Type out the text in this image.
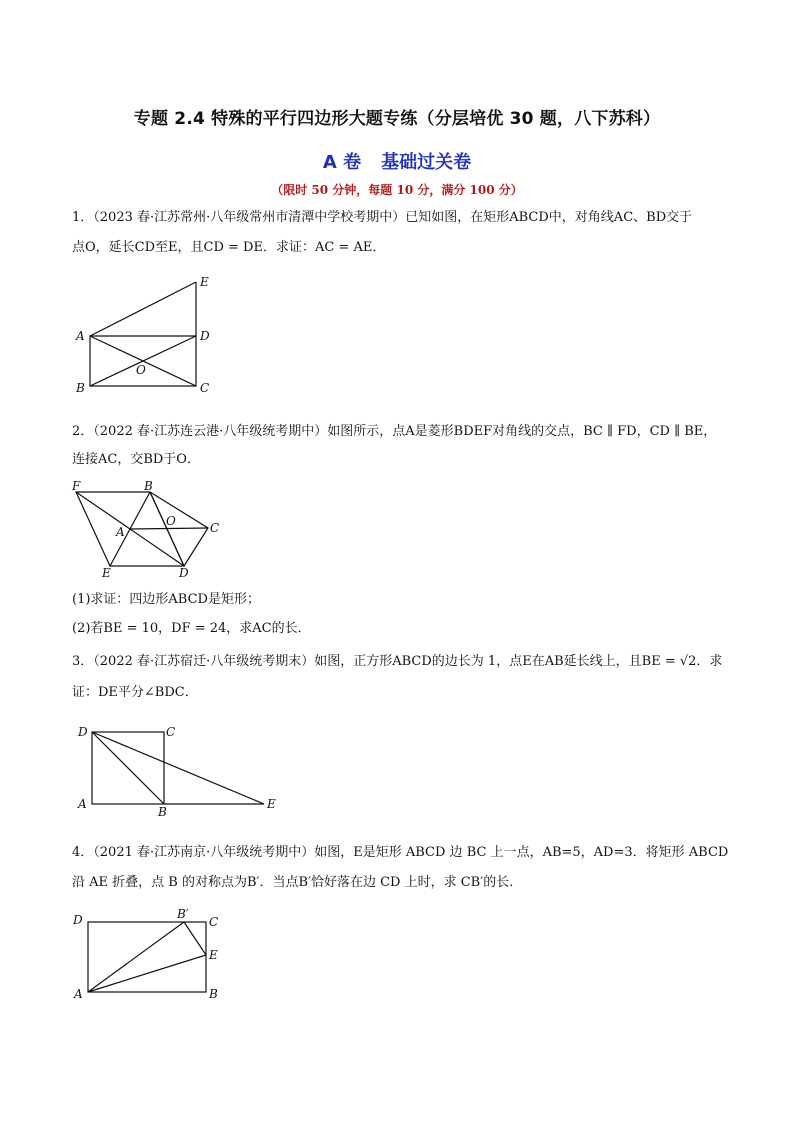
专题 2.4 特殊的平行四边形大题专练（分层培优 30 题，八下苏科）
A 卷 基础过关卷
（限时 50 分钟，每题 10 分，满分 100 分）
1．（2023 春·江苏常州·八年级常州市清潭中学校考期中）已知如图，在矩形ABCD中，对角线AC、BD交于
点O，延长CD至E，且CD = DE．求证：AC = AE．
E
A	D
O
B	C
2．（2022 春·江苏连云港·八年级统考期中）如图所示，点A是菱形BDEF对角线的交点，BC ∥ FD，CD ∥ BE，
连接AC，交BD于O．
F	B
O
A	C
E	D
(1)求证：四边形ABCD是矩形；
(2)若BE = 10，DF = 24，求AC的长．
3．（2022 春·江苏宿迁·八年级统考期末）如图，正方形ABCD的边长为 1，点E在AB延长线上，且BE = √2．求
证：DE平分∠BDC．
D	C
A
B
E
4．（2021 春·江苏南京·八年级统考期中）如图，E是矩形 ABCD 边 BC 上一点，AB=5，AD=3．将矩形 ABCD
沿 AE 折叠，点 B 的对称点为B′．当点B′恰好落在边 CD 上时，求 CB′的长．
D	B′
C
E
A	B
